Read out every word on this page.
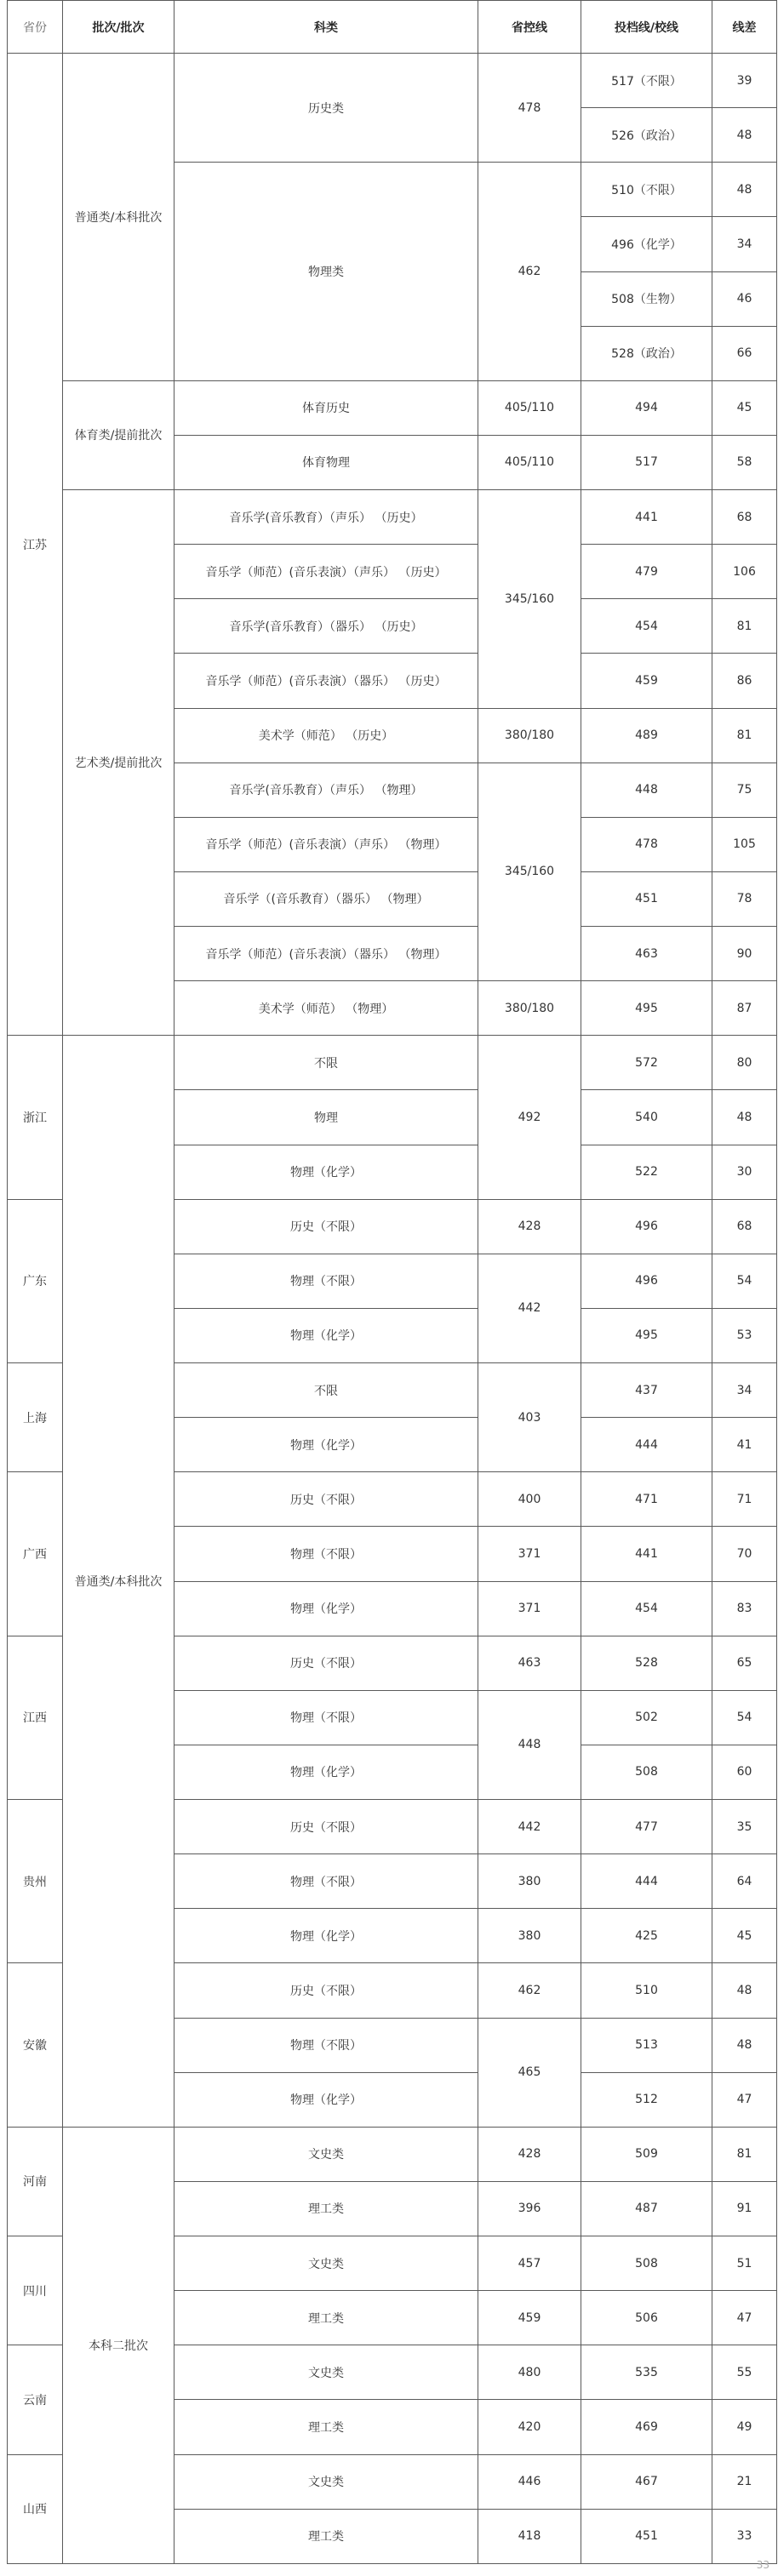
省份	批次/批次	科类	省控线	投档线/校线	线差
江苏	普通类/本科批次	历史类	478	517（不限）	39
				526（政治）	48
		物理类	462	510（不限）	48
				496（化学）	34
				508（生物）	46
				528（政治）	66
	体育类/提前批次	体育历史	405/110	494	45
		体育物理	405/110	517	58
	艺术类/提前批次	音乐学(音乐教育）（声乐） （历史）	345/160	441	68
		音乐学（师范）(音乐表演）（声乐） （历史）		479	106
		音乐学(音乐教育）（器乐） （历史）		454	81
		音乐学（师范）(音乐表演）（器乐） （历史）		459	86
		美术学（师范） （历史）	380/180	489	81
		音乐学(音乐教育）（声乐） （物理）	345/160	448	75
		音乐学（师范）(音乐表演）（声乐） （物理）		478	105
		音乐学（(音乐教育）（器乐） （物理）		451	78
		音乐学（师范）(音乐表演）（器乐） （物理）		463	90
		美术学（师范） （物理）	380/180	495	87
浙江	普通类/本科批次	不限	492	572	80
		物理		540	48
		物理（化学）		522	30
广东		历史（不限）	428	496	68
		物理（不限）	442	496	54
		物理（化学）		495	53
上海		不限	403	437	34
		物理（化学）		444	41
广西		历史（不限）	400	471	71
		物理（不限）	371	441	70
		物理（化学）	371	454	83
江西		历史（不限）	463	528	65
		物理（不限）	448	502	54
		物理（化学）		508	60
贵州		历史（不限）	442	477	35
		物理（不限）	380	444	64
		物理（化学）	380	425	45
安徽		历史（不限）	462	510	48
		物理（不限）	465	513	48
		物理（化学）		512	47
河南	本科二批次	文史类	428	509	81
		理工类	396	487	91
四川		文史类	457	508	51
		理工类	459	506	47
云南		文史类	480	535	55
		理工类	420	469	49
山西		文史类	446	467	21
		理工类	418	451	33
33
